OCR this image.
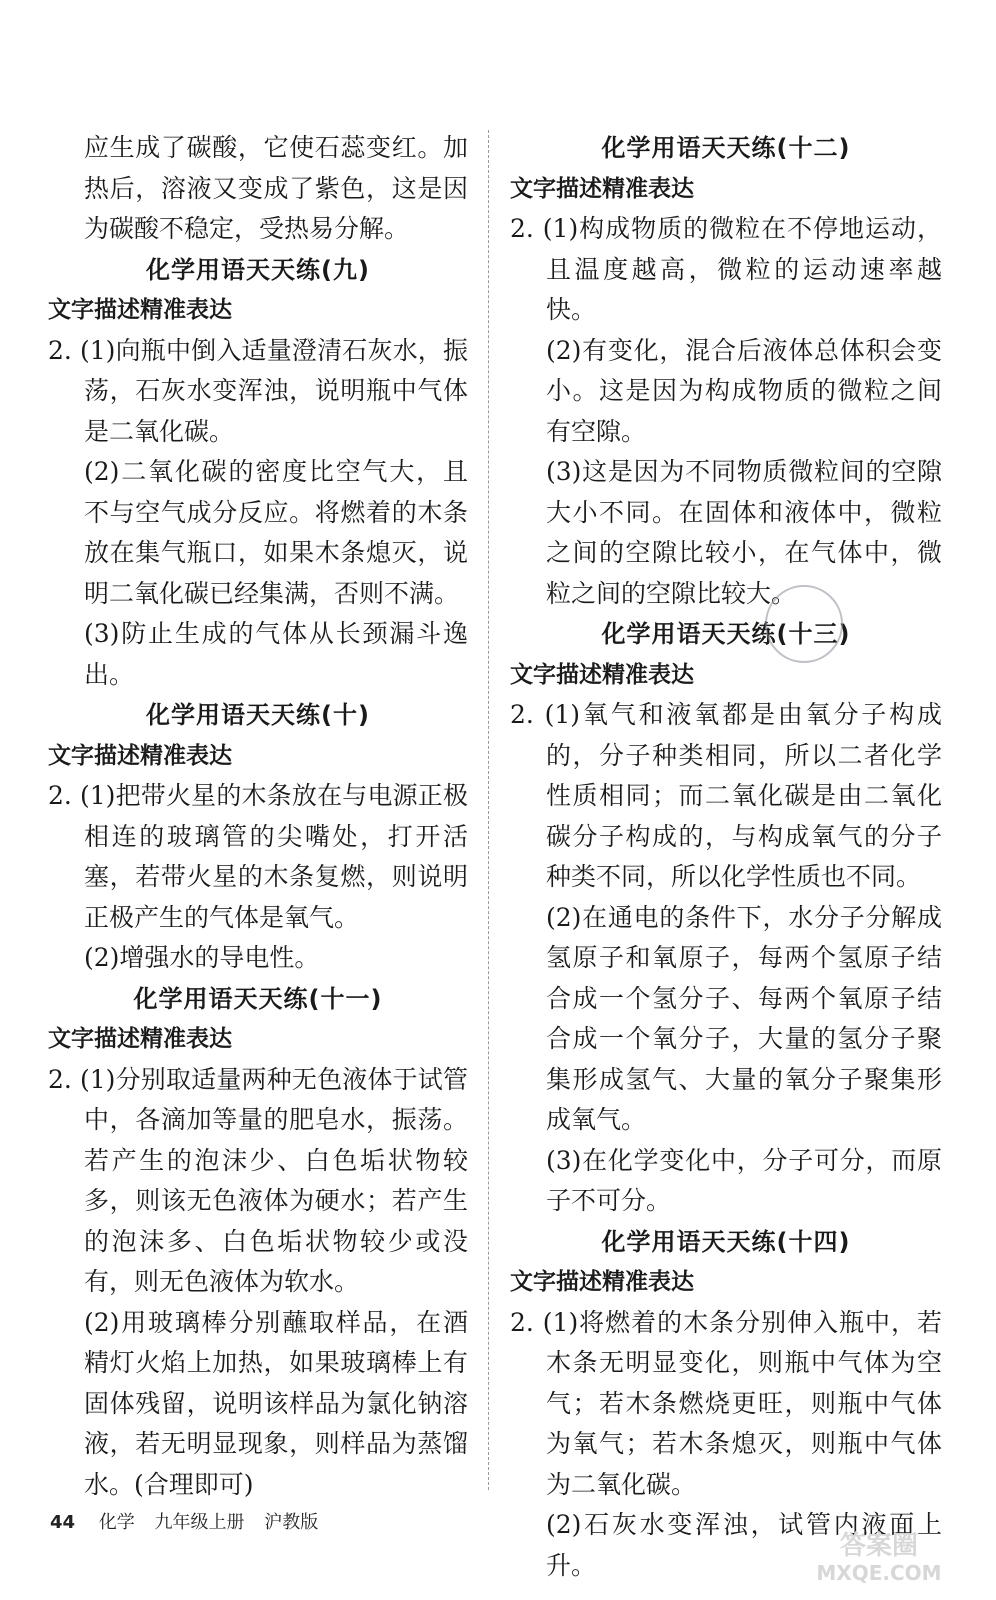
应生成了碳酸，它使石蕊变红。加热后，溶液又变成了紫色，这是因为碳酸不稳定，受热易分解。
化学用语天天练(九)
文字描述精准表达
2. (1)向瓶中倒入适量澄清石灰水，振荡，石灰水变浑浊，说明瓶中气体是二氧化碳。
(2)二氧化碳的密度比空气大，且不与空气成分反应。将燃着的木条放在集气瓶口，如果木条熄灭，说明二氧化碳已经集满，否则不满。
(3)防止生成的气体从长颈漏斗逸出。
化学用语天天练(十)
文字描述精准表达
2. (1)把带火星的木条放在与电源正极相连的玻璃管的尖嘴处，打开活塞，若带火星的木条复燃，则说明正极产生的气体是氧气。
(2)增强水的导电性。
化学用语天天练(十一)
文字描述精准表达
2. (1)分别取适量两种无色液体于试管中，各滴加等量的肥皂水，振荡。若产生的泡沫少、白色垢状物较多，则该无色液体为硬水；若产生的泡沫多、白色垢状物较少或没有，则无色液体为软水。
(2)用玻璃棒分别蘸取样品，在酒精灯火焰上加热，如果玻璃棒上有固体残留，说明该样品为氯化钠溶液，若无明显现象，则样品为蒸馏水。(合理即可)
化学用语天天练(十二)
文字描述精准表达
2. (1)构成物质的微粒在不停地运动，且温度越高，微粒的运动速率越快。
(2)有变化，混合后液体总体积会变小。这是因为构成物质的微粒之间有空隙。
(3)这是因为不同物质微粒间的空隙大小不同。在固体和液体中，微粒之间的空隙比较小，在气体中，微粒之间的空隙比较大。
化学用语天天练(十三)
文字描述精准表达
2. (1)氧气和液氧都是由氧分子构成的，分子种类相同，所以二者化学性质相同；而二氧化碳是由二氧化碳分子构成的，与构成氧气的分子种类不同，所以化学性质也不同。
(2)在通电的条件下，水分子分解成氢原子和氧原子，每两个氢原子结合成一个氢分子、每两个氧原子结合成一个氧分子，大量的氢分子聚集形成氢气、大量的氧分子聚集形成氧气。
(3)在化学变化中，分子可分，而原子不可分。
化学用语天天练(十四)
文字描述精准表达
2. (1)将燃着的木条分别伸入瓶中，若木条无明显变化，则瓶中气体为空气；若木条燃烧更旺，则瓶中气体为氧气；若木条熄灭，则瓶中气体为二氧化碳。
(2)石灰水变浑浊，试管内液面上升。
44 化学 九年级上册 沪教版
答案圈
MXQE.COM
